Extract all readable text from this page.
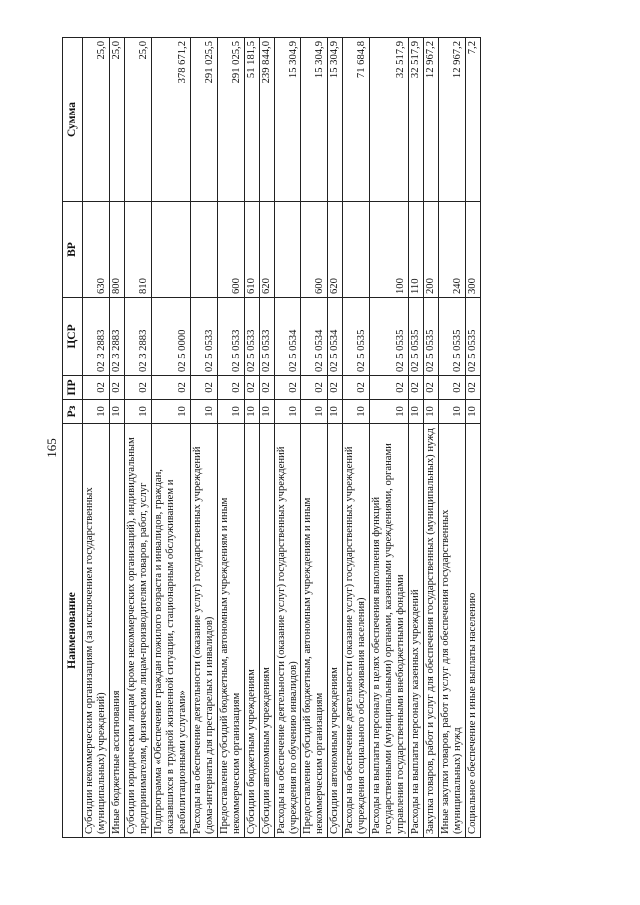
165
Наименование	Рз	ПР	ЦСР	ВР	Сумма
Субсидии некоммерческим организациям (за исключением государственных (муниципальных) учреждений)	10	02	02 3 2883	630	25,0
Иные бюджетные ассигнования	10	02	02 3 2883	800	25,0
Субсидии юридическим лицам (кроме некоммерческих организаций), индивидуальным предпринимателям, физическим лицам-производителям товаров, работ, услуг	10	02	02 3 2883	810	25,0
Подпрограмма «Обеспечение граждан пожилого возраста и инвалидов, граждан, оказавшихся в трудной жизненной ситуации, стационарным обслуживанием и реабилитационными услугами»	10	02	02 5 0000		378 671,2
Расходы на обеспечение деятельности (оказание услуг) государственных учреждений (дома-интернаты для престарелых и инвалидов)	10	02	02 5 0533		291 025,5
Предоставление субсидий бюджетным, автономным учреждениям и иным некоммерческим организациям	10	02	02 5 0533	600	291 025,5
Субсидии бюджетным учреждениям	10	02	02 5 0533	610	51 181,5
Субсидии автономным учреждениям	10	02	02 5 0533	620	239 844,0
Расходы на обеспечение деятельности (оказание услуг) государственных учреждений (учреждения по обучению инвалидов)	10	02	02 5 0534		15 304,9
Предоставление субсидий бюджетным, автономным учреждениям и иным некоммерческим организациям	10	02	02 5 0534	600	15 304,9
Субсидии автономным учреждениям	10	02	02 5 0534	620	15 304,9
Расходы на обеспечение деятельности (оказание услуг) государственных учреждений (учреждения социального обслуживания населения)	10	02	02 5 0535		71 684,8
Расходы на выплаты персоналу в целях обеспечения выполнения функций государственными (муниципальными) органами, казенными учреждениями, органами управления государственными внебюджетными фондами	10	02	02 5 0535	100	32 517,9
Расходы на выплаты персоналу казенных учреждений	10	02	02 5 0535	110	32 517,9
Закупка товаров, работ и услуг для обеспечения государственных (муниципальных) нужд	10	02	02 5 0535	200	12 967,2
Иные закупки товаров, работ и услуг для обеспечения государственных (муниципальных) нужд	10	02	02 5 0535	240	12 967,2
Социальное обеспечение и иные выплаты населению	10	02	02 5 0535	300	7,2
